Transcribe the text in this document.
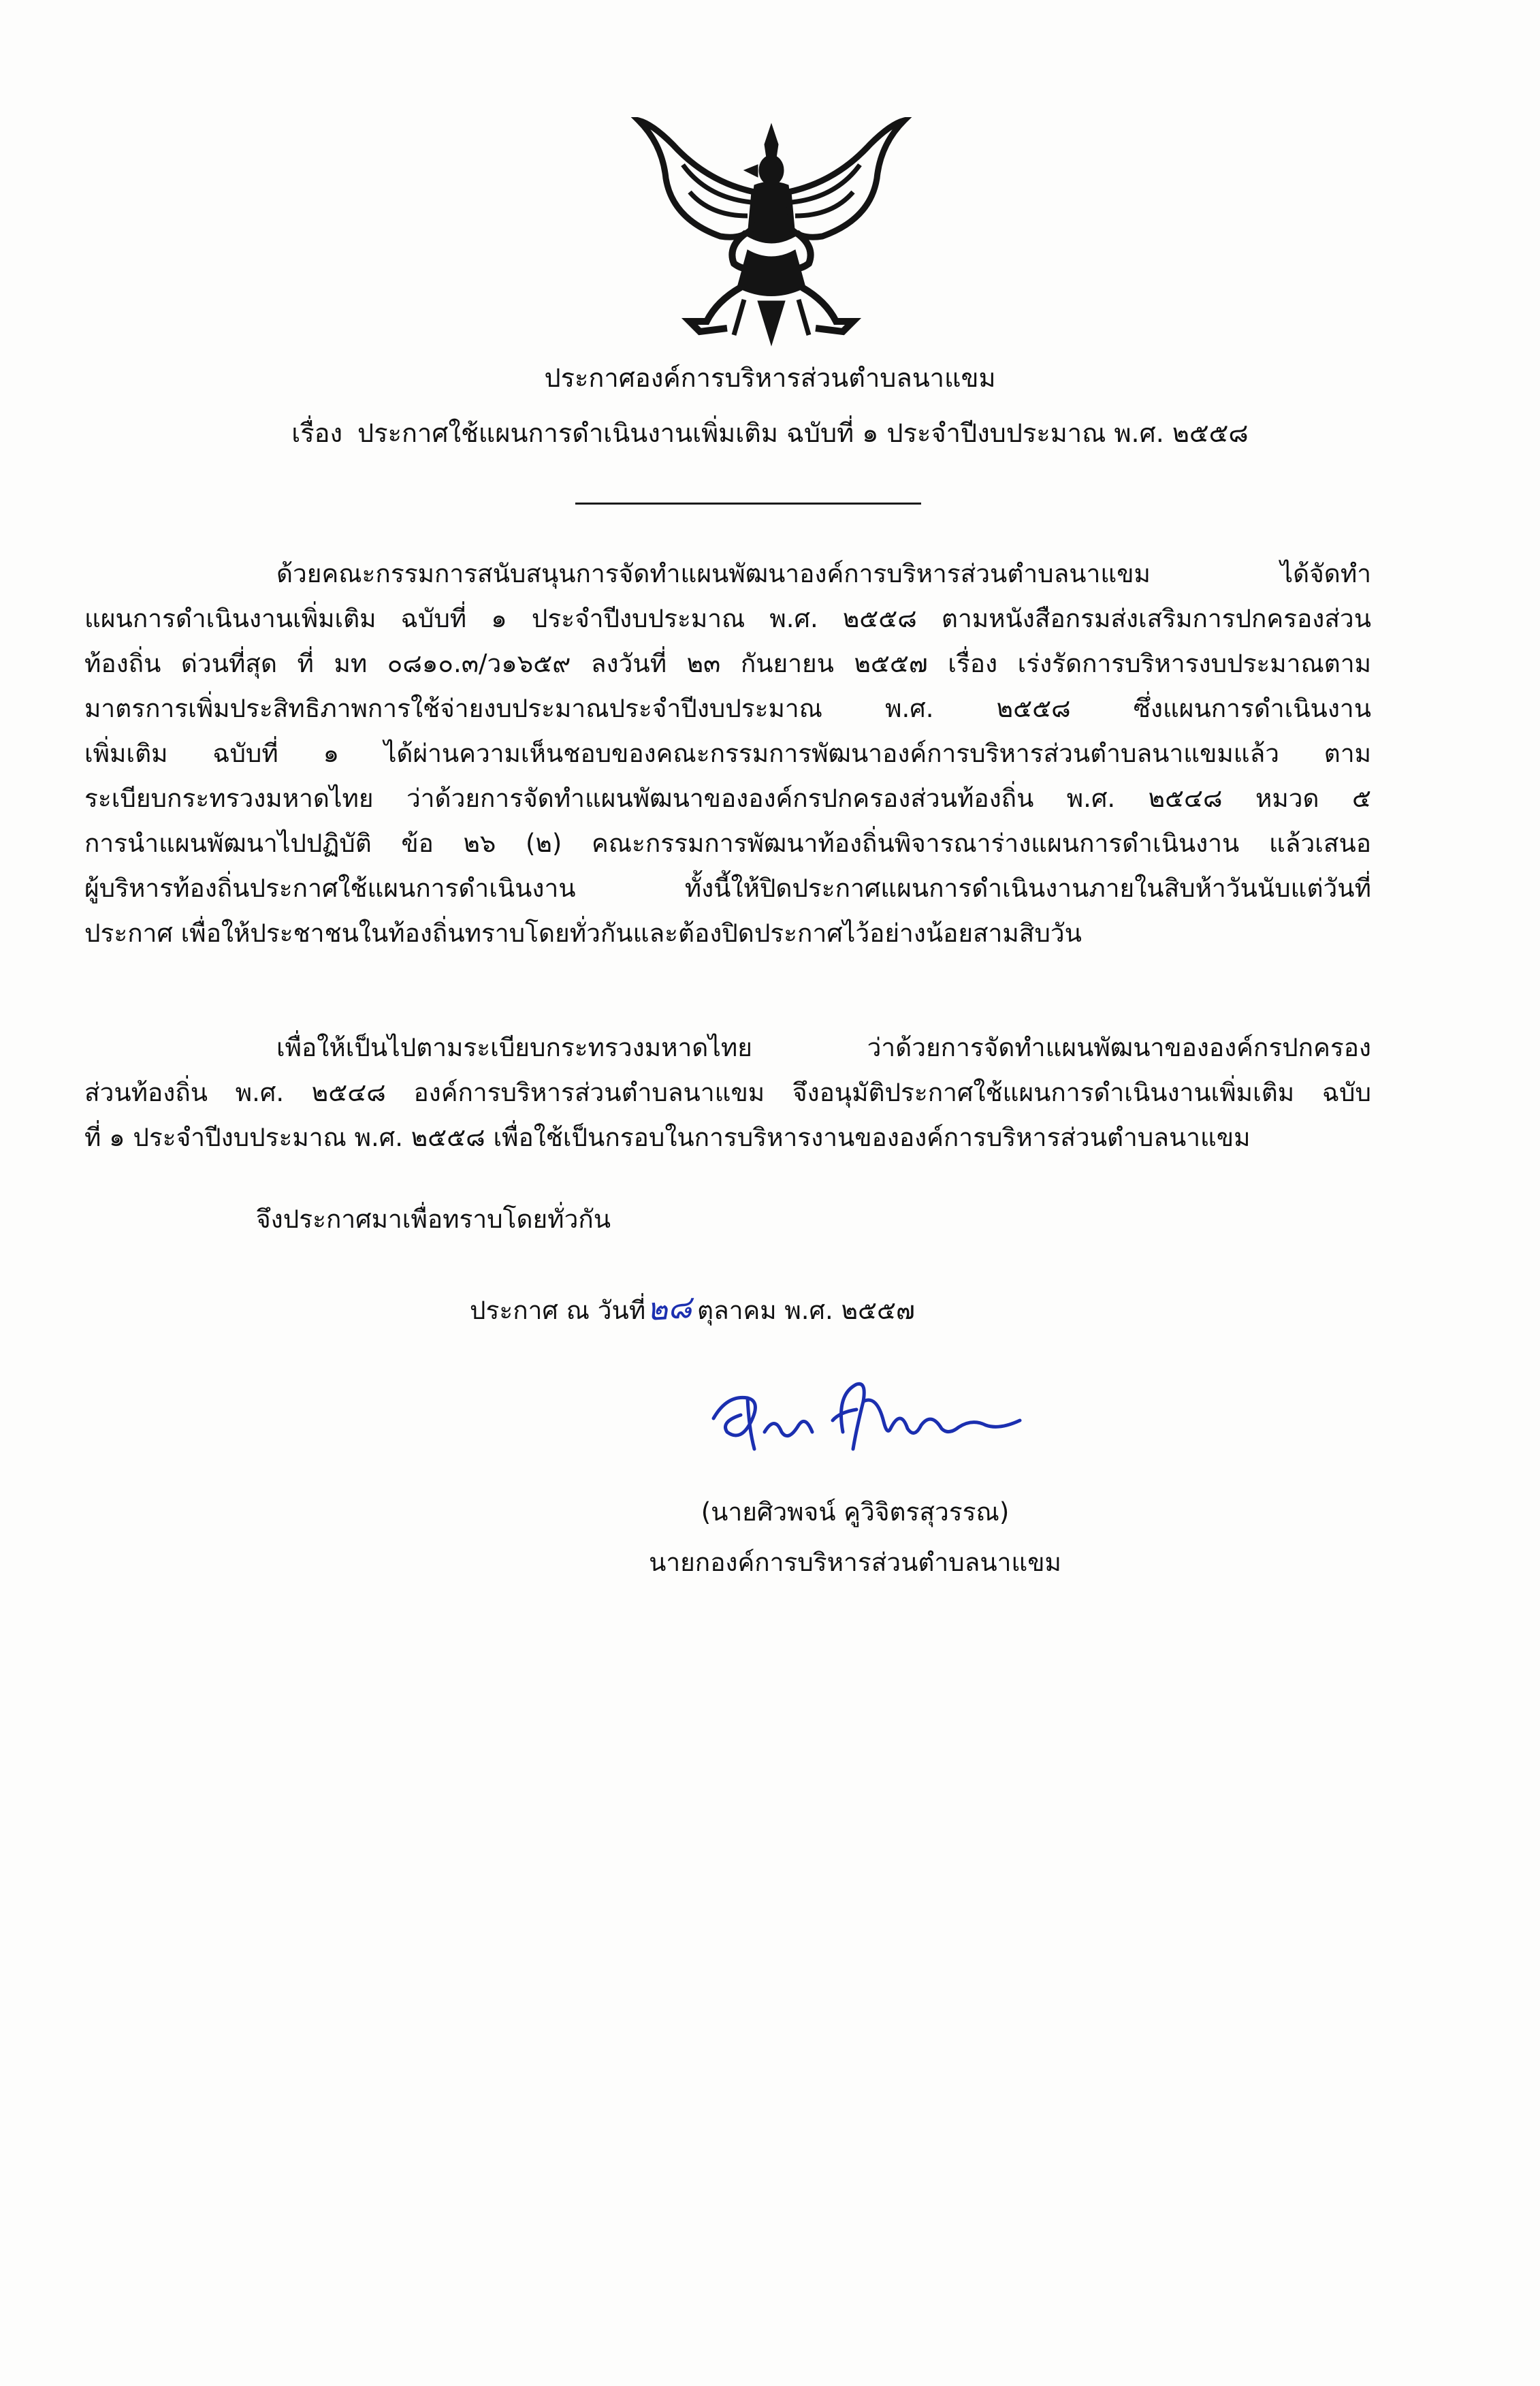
ประกาศองค์การบริหารส่วนตำบลนาแขม
เรื่อง ประกาศใช้แผนการดำเนินงานเพิ่มเติม ฉบับที่ ๑ ประจำปีงบประมาณ พ.ศ. ๒๕๕๘
ด้วยคณะกรรมการสนับสนุนการจัดทำแผนพัฒนาองค์การบริหารส่วนตำบลนาแขม ได้จัดทำ
แผนการดำเนินงานเพิ่มเติม ฉบับที่ ๑ ประจำปีงบประมาณ พ.ศ. ๒๕๕๘ ตามหนังสือกรมส่งเสริมการปกครองส่วน
ท้องถิ่น ด่วนที่สุด ที่ มท ๐๘๑๐.๓/ว๑๖๕๙ ลงวันที่ ๒๓ กันยายน ๒๕๕๗ เรื่อง เร่งรัดการบริหารงบประมาณตาม
มาตรการเพิ่มประสิทธิภาพการใช้จ่ายงบประมาณประจำปีงบประมาณ พ.ศ. ๒๕๕๘ ซึ่งแผนการดำเนินงาน
เพิ่มเติม ฉบับที่ ๑ ได้ผ่านความเห็นชอบของคณะกรรมการพัฒนาองค์การบริหารส่วนตำบลนาแขมแล้ว ตาม
ระเบียบกระทรวงมหาดไทย ว่าด้วยการจัดทำแผนพัฒนาขององค์กรปกครองส่วนท้องถิ่น พ.ศ. ๒๕๔๘ หมวด ๕
การนำแผนพัฒนาไปปฏิบัติ ข้อ ๒๖ (๒) คณะกรรมการพัฒนาท้องถิ่นพิจารณาร่างแผนการดำเนินงาน แล้วเสนอ
ผู้บริหารท้องถิ่นประกาศใช้แผนการดำเนินงาน ทั้งนี้ให้ปิดประกาศแผนการดำเนินงานภายในสิบห้าวันนับแต่วันที่
ประกาศ เพื่อให้ประชาชนในท้องถิ่นทราบโดยทั่วกันและต้องปิดประกาศไว้อย่างน้อยสามสิบวัน
เพื่อให้เป็นไปตามระเบียบกระทรวงมหาดไทย ว่าด้วยการจัดทำแผนพัฒนาขององค์กรปกครอง
ส่วนท้องถิ่น พ.ศ. ๒๕๔๘ องค์การบริหารส่วนตำบลนาแขม จึงอนุมัติประกาศใช้แผนการดำเนินงานเพิ่มเติม ฉบับ
ที่ ๑ ประจำปีงบประมาณ พ.ศ. ๒๕๕๘ เพื่อใช้เป็นกรอบในการบริหารงานขององค์การบริหารส่วนตำบลนาแขม
จึงประกาศมาเพื่อทราบโดยทั่วกัน
ประกาศ ณ วันที่๒๘ ตุลาคม พ.ศ. ๒๕๕๗
(นายศิวพจน์ คูวิจิตรสุวรรณ)
นายกองค์การบริหารส่วนตำบลนาแขม
